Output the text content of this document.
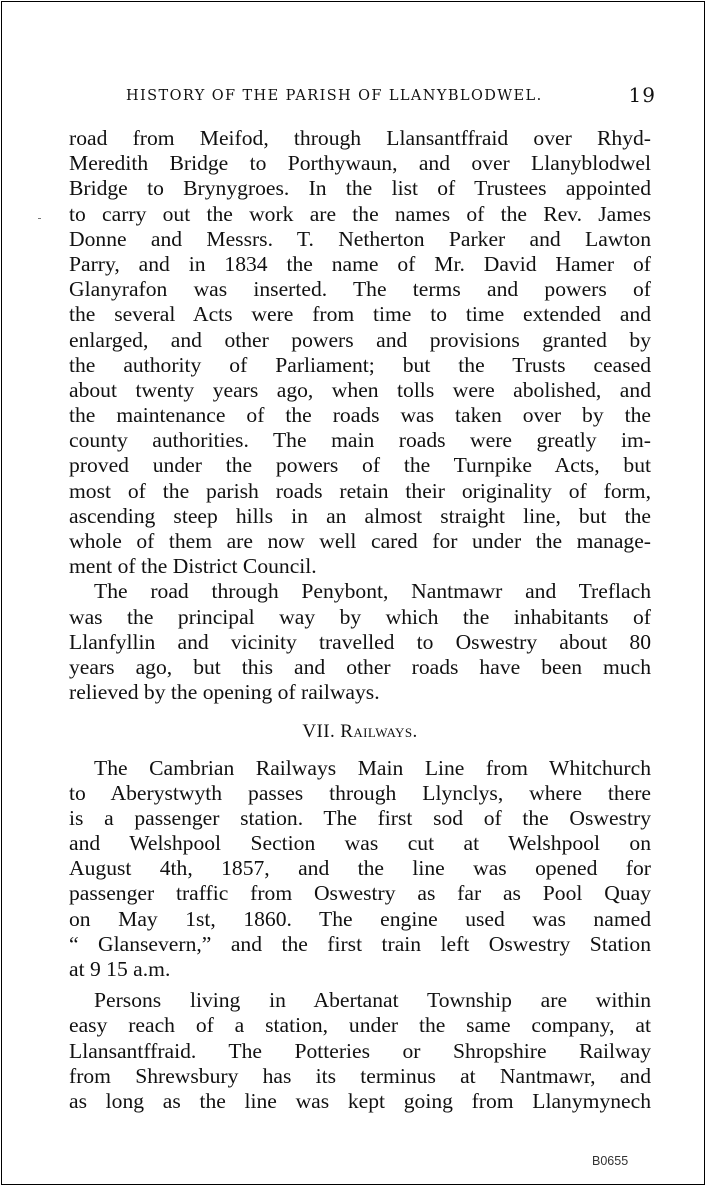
HISTORY OF THE PARISH OF LLANYBLODWEL.	19
road from Meifod, through Llansantffraid over Rhyd-
Meredith Bridge to Porthywaun, and over Llanyblodwel
Bridge to Brynygroes. In the list of Trustees appointed
to carry out the work are the names of the Rev. James
Donne and Messrs. T. Netherton Parker and Lawton
Parry, and in 1834 the name of Mr. David Hamer of
Glanyrafon was inserted. The terms and powers of
the several Acts were from time to time extended and
enlarged, and other powers and provisions granted by
the authority of Parliament; but the Trusts ceased
about twenty years ago, when tolls were abolished, and
the maintenance of the roads was taken over by the
county authorities. The main roads were greatly im-
proved under the powers of the Turnpike Acts, but
most of the parish roads retain their originality of form,
ascending steep hills in an almost straight line, but the
whole of them are now well cared for under the manage-
ment of the District Council.
The road through Penybont, Nantmawr and Treflach
was the principal way by which the inhabitants of
Llanfyllin and vicinity travelled to Oswestry about 80
years ago, but this and other roads have been much
relieved by the opening of railways.
VII. Railways.
The Cambrian Railways Main Line from Whitchurch
to Aberystwyth passes through Llynclys, where there
is a passenger station. The first sod of the Oswestry
and Welshpool Section was cut at Welshpool on
August 4th, 1857, and the line was opened for
passenger traffic from Oswestry as far as Pool Quay
on May 1st, 1860. The engine used was named
“ Glansevern,” and the first train left Oswestry Station
at 9 15 a.m.
Persons living in Abertanat Township are within
easy reach of a station, under the same company, at
Llansantffraid. The Potteries or Shropshire Railway
from Shrewsbury has its terminus at Nantmawr, and
as long as the line was kept going from Llanymynech
B0655
